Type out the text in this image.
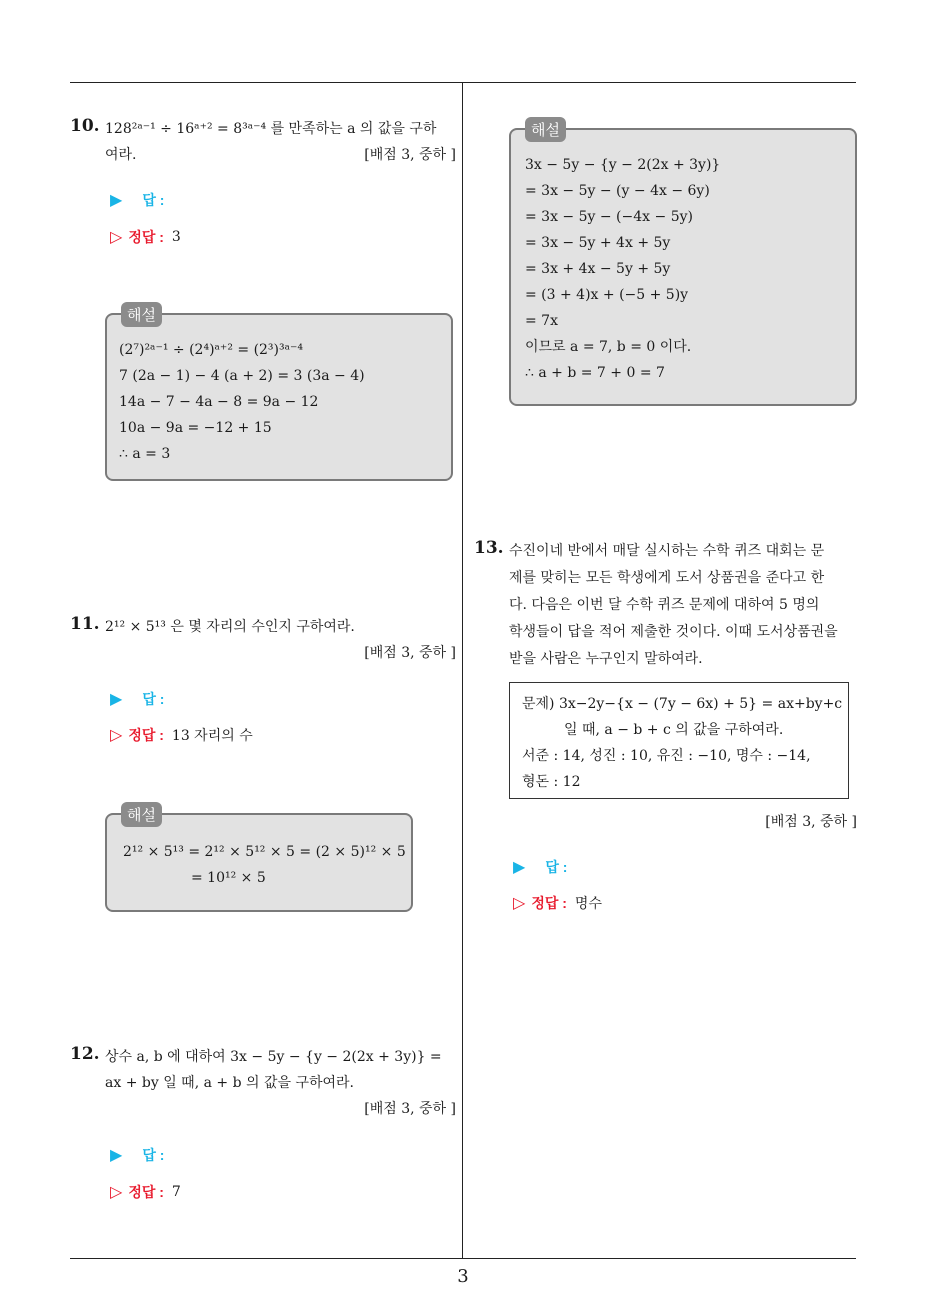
3
10. 128²ᵃ⁻¹ ÷ 16ᵃ⁺² = 8³ᵃ⁻⁴ 를 만족하는 a 의 값을 구하
여라.	[배점 3, 중하 ]
▶ 답 :
▷ 정답 : 3
해설
(2⁷)²ᵃ⁻¹ ÷ (2⁴)ᵃ⁺² = (2³)³ᵃ⁻⁴
7 (2a − 1) − 4 (a + 2) = 3 (3a − 4)
14a − 7 − 4a − 8 = 9a − 12
10a − 9a = −12 + 15
∴ a = 3
11. 2¹² × 5¹³ 은 몇 자리의 수인지 구하여라.
[배점 3, 중하 ]
▶ 답 :
▷ 정답 : 13 자리의 수
해설
2¹² × 5¹³ = 2¹² × 5¹² × 5 = (2 × 5)¹² × 5
= 10¹² × 5
12. 상수 a, b 에 대하여 3x − 5y − {y − 2(2x + 3y)} =
ax + by 일 때, a + b 의 값을 구하여라.
[배점 3, 중하 ]
▶ 답 :
▷ 정답 : 7
해설
3x − 5y − {y − 2(2x + 3y)}
= 3x − 5y − (y − 4x − 6y)
= 3x − 5y − (−4x − 5y)
= 3x − 5y + 4x + 5y
= 3x + 4x − 5y + 5y
= (3 + 4)x + (−5 + 5)y
= 7x
이므로 a = 7, b = 0 이다.
∴ a + b = 7 + 0 = 7
13. 수진이네 반에서 매달 실시하는 수학 퀴즈 대회는 문
제를 맞히는 모든 학생에게 도서 상품권을 준다고 한
다. 다음은 이번 달 수학 퀴즈 문제에 대하여 5 명의
학생들이 답을 적어 제출한 것이다. 이때 도서상품권을
받을 사람은 누구인지 말하여라.
문제) 3x−2y−{x − (7y − 6x) + 5} = ax+by+c
일 때, a − b + c 의 값을 구하여라.
서준 : 14, 성진 : 10, 유진 : −10, 명수 : −14,
형돈 : 12
[배점 3, 중하 ]
▶ 답 :
▷ 정답 : 명수
